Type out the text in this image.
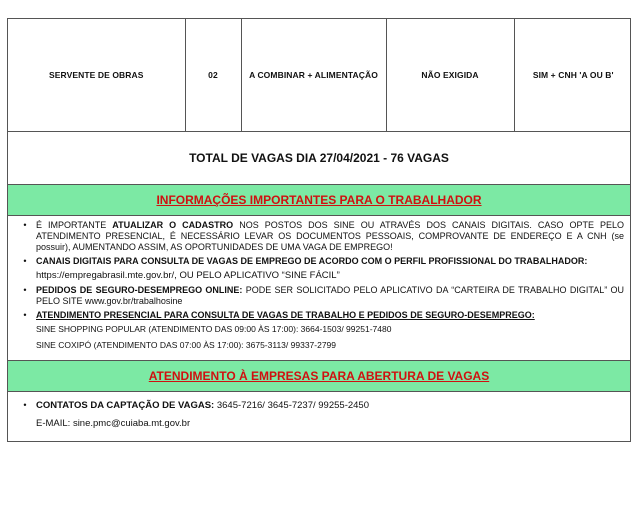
SERVENTE DE OBRAS	02	A COMBINAR + ALIMENTAÇÃO	NÃO EXIGIDA	SIM + CNH 'A OU B'
TOTAL DE VAGAS DIA 27/04/2021 - 76 VAGAS
INFORMAÇÕES IMPORTANTES PARA O TRABALHADOR
•	É IMPORTANTE ATUALIZAR O CADASTRO NOS POSTOS DOS SINE OU ATRAVÉS DOS CANAIS DIGITAIS. CASO OPTE PELO ATENDIMENTO PRESENCIAL, É NECESSÁRIO LEVAR OS DOCUMENTOS PESSOAIS, COMPROVANTE DE ENDEREÇO E A CNH (se possuir), AUMENTANDO ASSIM, AS OPORTUNIDADES DE UMA VAGA DE EMPREGO!
•	CANAIS DIGITAIS PARA CONSULTA DE VAGAS DE EMPREGO DE ACORDO COM O PERFIL PROFISSIONAL DO TRABALHADOR:
https://empregabrasil.mte.gov.br/, OU PELO APLICATIVO “SINE FÁCIL”
•	PEDIDOS DE SEGURO-DESEMPREGO ONLINE: PODE SER SOLICITADO PELO APLICATIVO DA “CARTEIRA DE TRABALHO DIGITAL” OU PELO SITE www.gov.br/trabalhosine
•	ATENDIMENTO PRESENCIAL PARA CONSULTA DE VAGAS DE TRABALHO E PEDIDOS DE SEGURO-DESEMPREGO:
SINE SHOPPING POPULAR (ATENDIMENTO DAS 09:00 ÀS 17:00): 3664-1503/ 99251-7480
SINE COXIPÓ (ATENDIMENTO DAS 07:00 ÀS 17:00): 3675-3113/ 99337-2799
ATENDIMENTO À EMPRESAS PARA ABERTURA DE VAGAS
• CONTATOS DA CAPTAÇÃO DE VAGAS: 3645-7216/ 3645-7237/ 99255-2450
E-MAIL: sine.pmc@cuiaba.mt.gov.br
